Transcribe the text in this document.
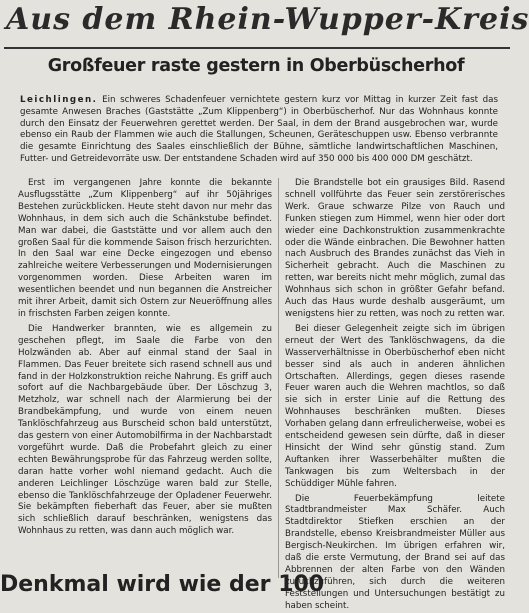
Aus dem Rhein-Wupper-Kreis
Großfeuer raste gestern in Oberbüscherhof
Leichlingen. Ein schweres Schadenfeuer vernichtete gestern kurz vor Mittag in kurzer Zeit fast das gesamte Anwesen Braches (Gaststätte „Zum Klippenberg“) in Oberbüscherhof. Nur das Wohnhaus konnte durch den Einsatz der Feuerwehren gerettet werden. Der Saal, in dem der Brand ausgebrochen war, wurde ebenso ein Raub der Flammen wie auch die Stallungen, Scheunen, Geräteschuppen usw. Ebenso verbrannte die gesamte Einrichtung des Saales einschließlich der Bühne, sämtliche landwirtschaftlichen Maschinen, Futter- und Getreidevorräte usw. Der entstandene Schaden wird auf 350 000 bis 400 000 DM geschätzt.

Erst im vergangenen Jahre konnte die bekannte Ausflugsstätte „Zum Klippenberg“ auf ihr 50jähriges Bestehen zurückblicken. Heute steht davon nur mehr das Wohnhaus, in dem sich auch die Schänkstube befindet. Man war dabei, die Gaststätte und vor allem auch den großen Saal für die kommende Saison frisch herzurichten. In den Saal war eine Decke eingezogen und ebenso zahlreiche weitere Verbesserungen und Modernisierungen vorgenommen worden. Diese Arbeiten waren im wesentlichen beendet und nun begannen die Anstreicher mit ihrer Arbeit, damit sich Ostern zur Neueröffnung alles in frischsten Farben zeigen konnte.

Die Handwerker brannten, wie es allgemein zu geschehen pflegt, im Saale die Farbe von den Holzwänden ab. Aber auf einmal stand der Saal in Flammen. Das Feuer breitete sich rasend schnell aus und fand in der Holzkonstruktion reiche Nahrung. Es griff auch sofort auf die Nachbargebäude über. Der Löschzug 3, Metzholz, war schnell nach der Alarmierung bei der Brandbekämpfung, und wurde von einem neuen Tanklöschfahrzeug aus Burscheid schon bald unterstützt, das gestern von einer Automobilfirma in der Nachbarstadt vorgeführt wurde. Daß die Probefahrt gleich zu einer echten Bewährungsprobe für das Fahrzeug werden sollte, daran hatte vorher wohl niemand gedacht. Auch die anderen Leichlinger Löschzüge waren bald zur Stelle, ebenso die Tanklöschfahrzeuge der Opladener Feuerwehr. Sie bekämpften fieberhaft das Feuer, aber sie mußten sich schließlich darauf beschränken, wenigstens das Wohnhaus zu retten, was dann auch möglich war.

Die Brandstelle bot ein grausiges Bild. Rasend schnell vollführte das Feuer sein zerstörerisches Werk. Graue schwarze Pilze von Rauch und Funken stiegen zum Himmel, wenn hier oder dort wieder eine Dachkonstruktion zusammenkrachte oder die Wände einbrachen. Die Bewohner hatten nach Ausbruch des Brandes zunächst das Vieh in Sicherheit gebracht. Auch die Maschinen zu retten, war bereits nicht mehr möglich, zumal das Wohnhaus sich schon in größter Gefahr befand. Auch das Haus wurde deshalb ausgeräumt, um wenigstens hier zu retten, was noch zu retten war.

Bei dieser Gelegenheit zeigte sich im übrigen erneut der Wert des Tanklöschwagens, da die Wasserverhältnisse in Oberbüscherhof eben nicht besser sind als auch in anderen ähnlichen Ortschaften. Allerdings, gegen dieses rasende Feuer waren auch die Wehren machtlos, so daß sie sich in erster Linie auf die Rettung des Wohnhauses beschränken mußten. Dieses Vorhaben gelang dann erfreulicherweise, wobei es entscheidend gewesen sein dürfte, daß in dieser Hinsicht der Wind sehr günstig stand. Zum Auftanken ihrer Wasserbehälter mußten die Tankwagen bis zum Weltersbach in der Schüddiger Mühle fahren.

Die Feuerbekämpfung leitete Stadtbrandmeister Max Schäfer. Auch Stadtdirektor Stiefken erschien an der Brandstelle, ebenso Kreisbrandmeister Müller aus Bergisch-Neukirchen. Im übrigen erfahren wir, daß die erste Vermutung, der Brand sei auf das Abbrennen der alten Farbe von den Wänden zurückzuführen, sich durch die weiteren Feststellungen und Untersuchungen bestätigt zu haben scheint.

Denkmal wird wie der 100
